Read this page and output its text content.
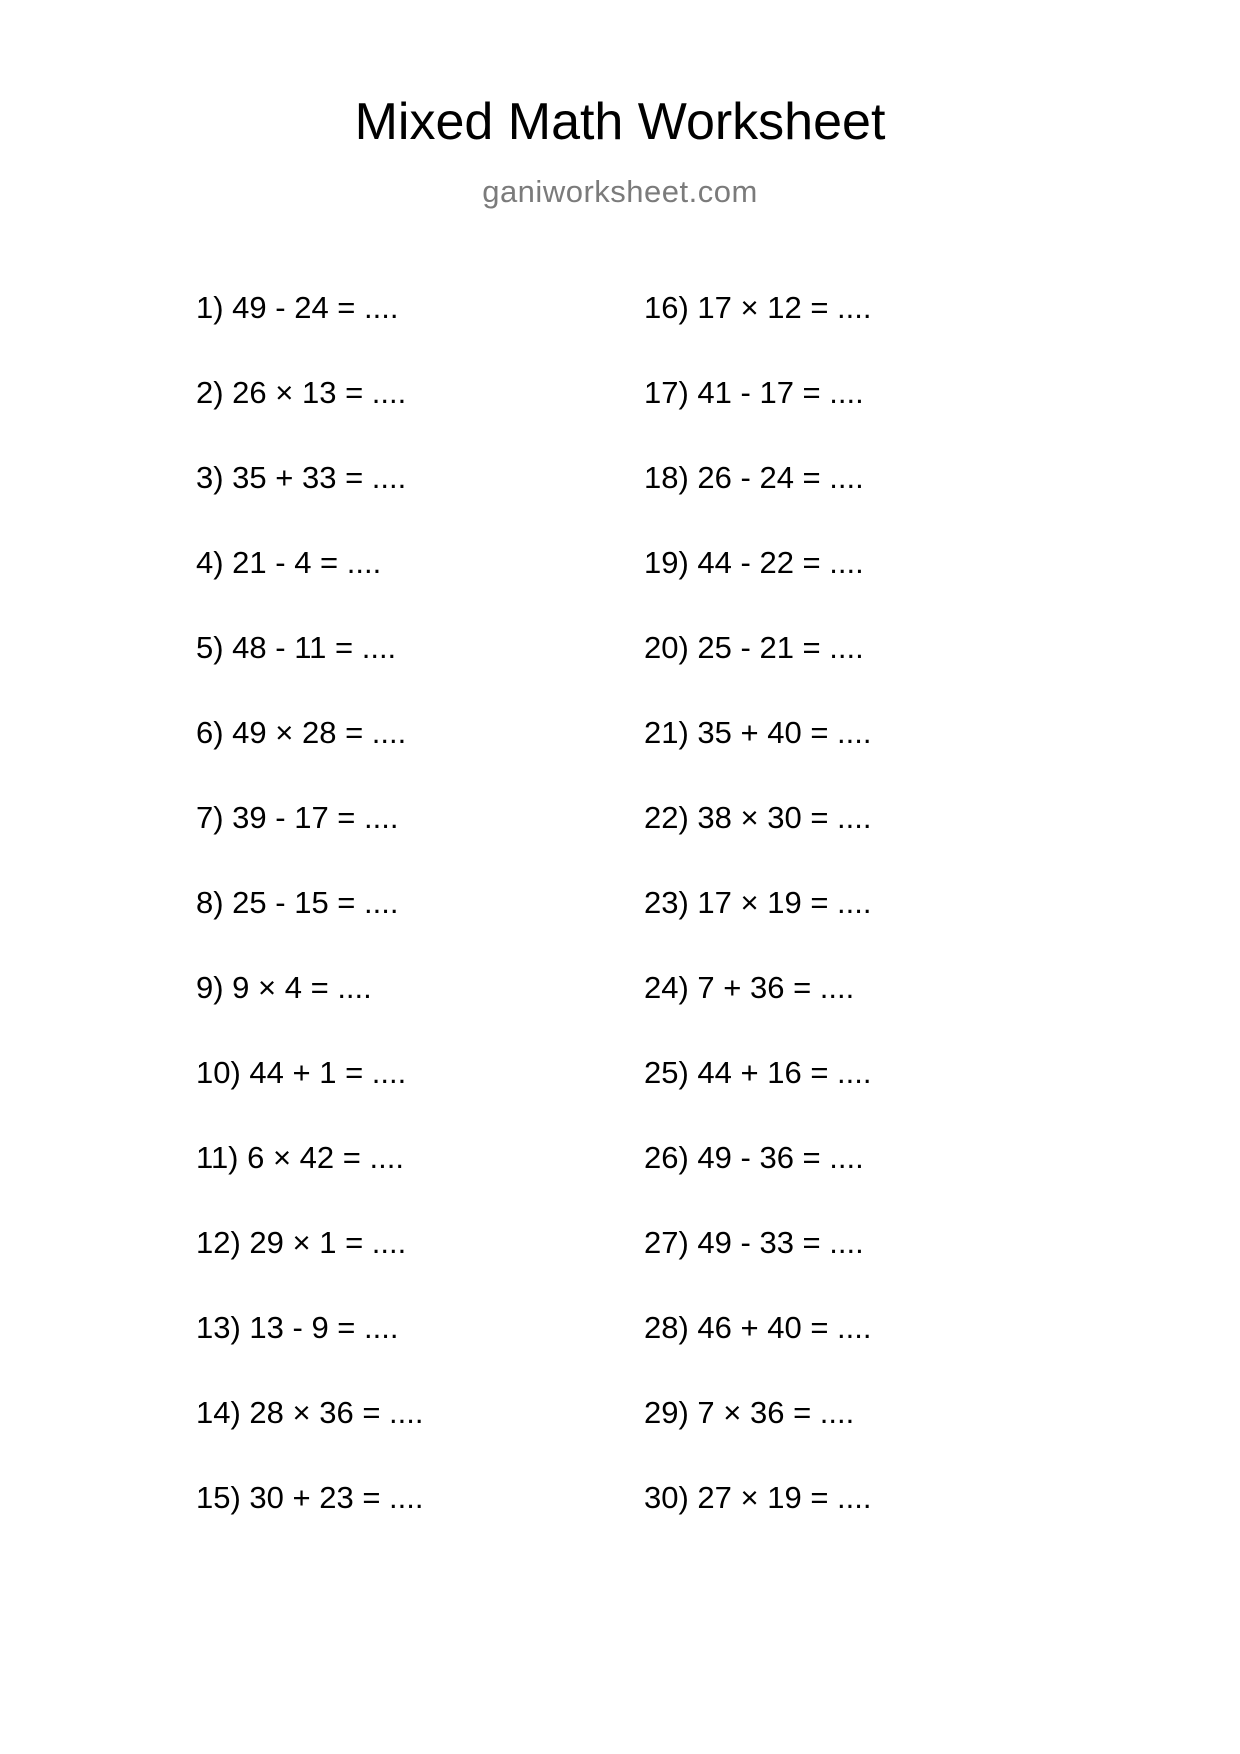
Mixed Math Worksheet
ganiworksheet.com
1) 49 - 24 = ....
2) 26 × 13 = ....
3) 35 + 33 = ....
4) 21 - 4 = ....
5) 48 - 11 = ....
6) 49 × 28 = ....
7) 39 - 17 = ....
8) 25 - 15 = ....
9) 9 × 4 = ....
10) 44 + 1 = ....
11) 6 × 42 = ....
12) 29 × 1 = ....
13) 13 - 9 = ....
14) 28 × 36 = ....
15) 30 + 23 = ....
16) 17 × 12 = ....
17) 41 - 17 = ....
18) 26 - 24 = ....
19) 44 - 22 = ....
20) 25 - 21 = ....
21) 35 + 40 = ....
22) 38 × 30 = ....
23) 17 × 19 = ....
24) 7 + 36 = ....
25) 44 + 16 = ....
26) 49 - 36 = ....
27) 49 - 33 = ....
28) 46 + 40 = ....
29) 7 × 36 = ....
30) 27 × 19 = ....
